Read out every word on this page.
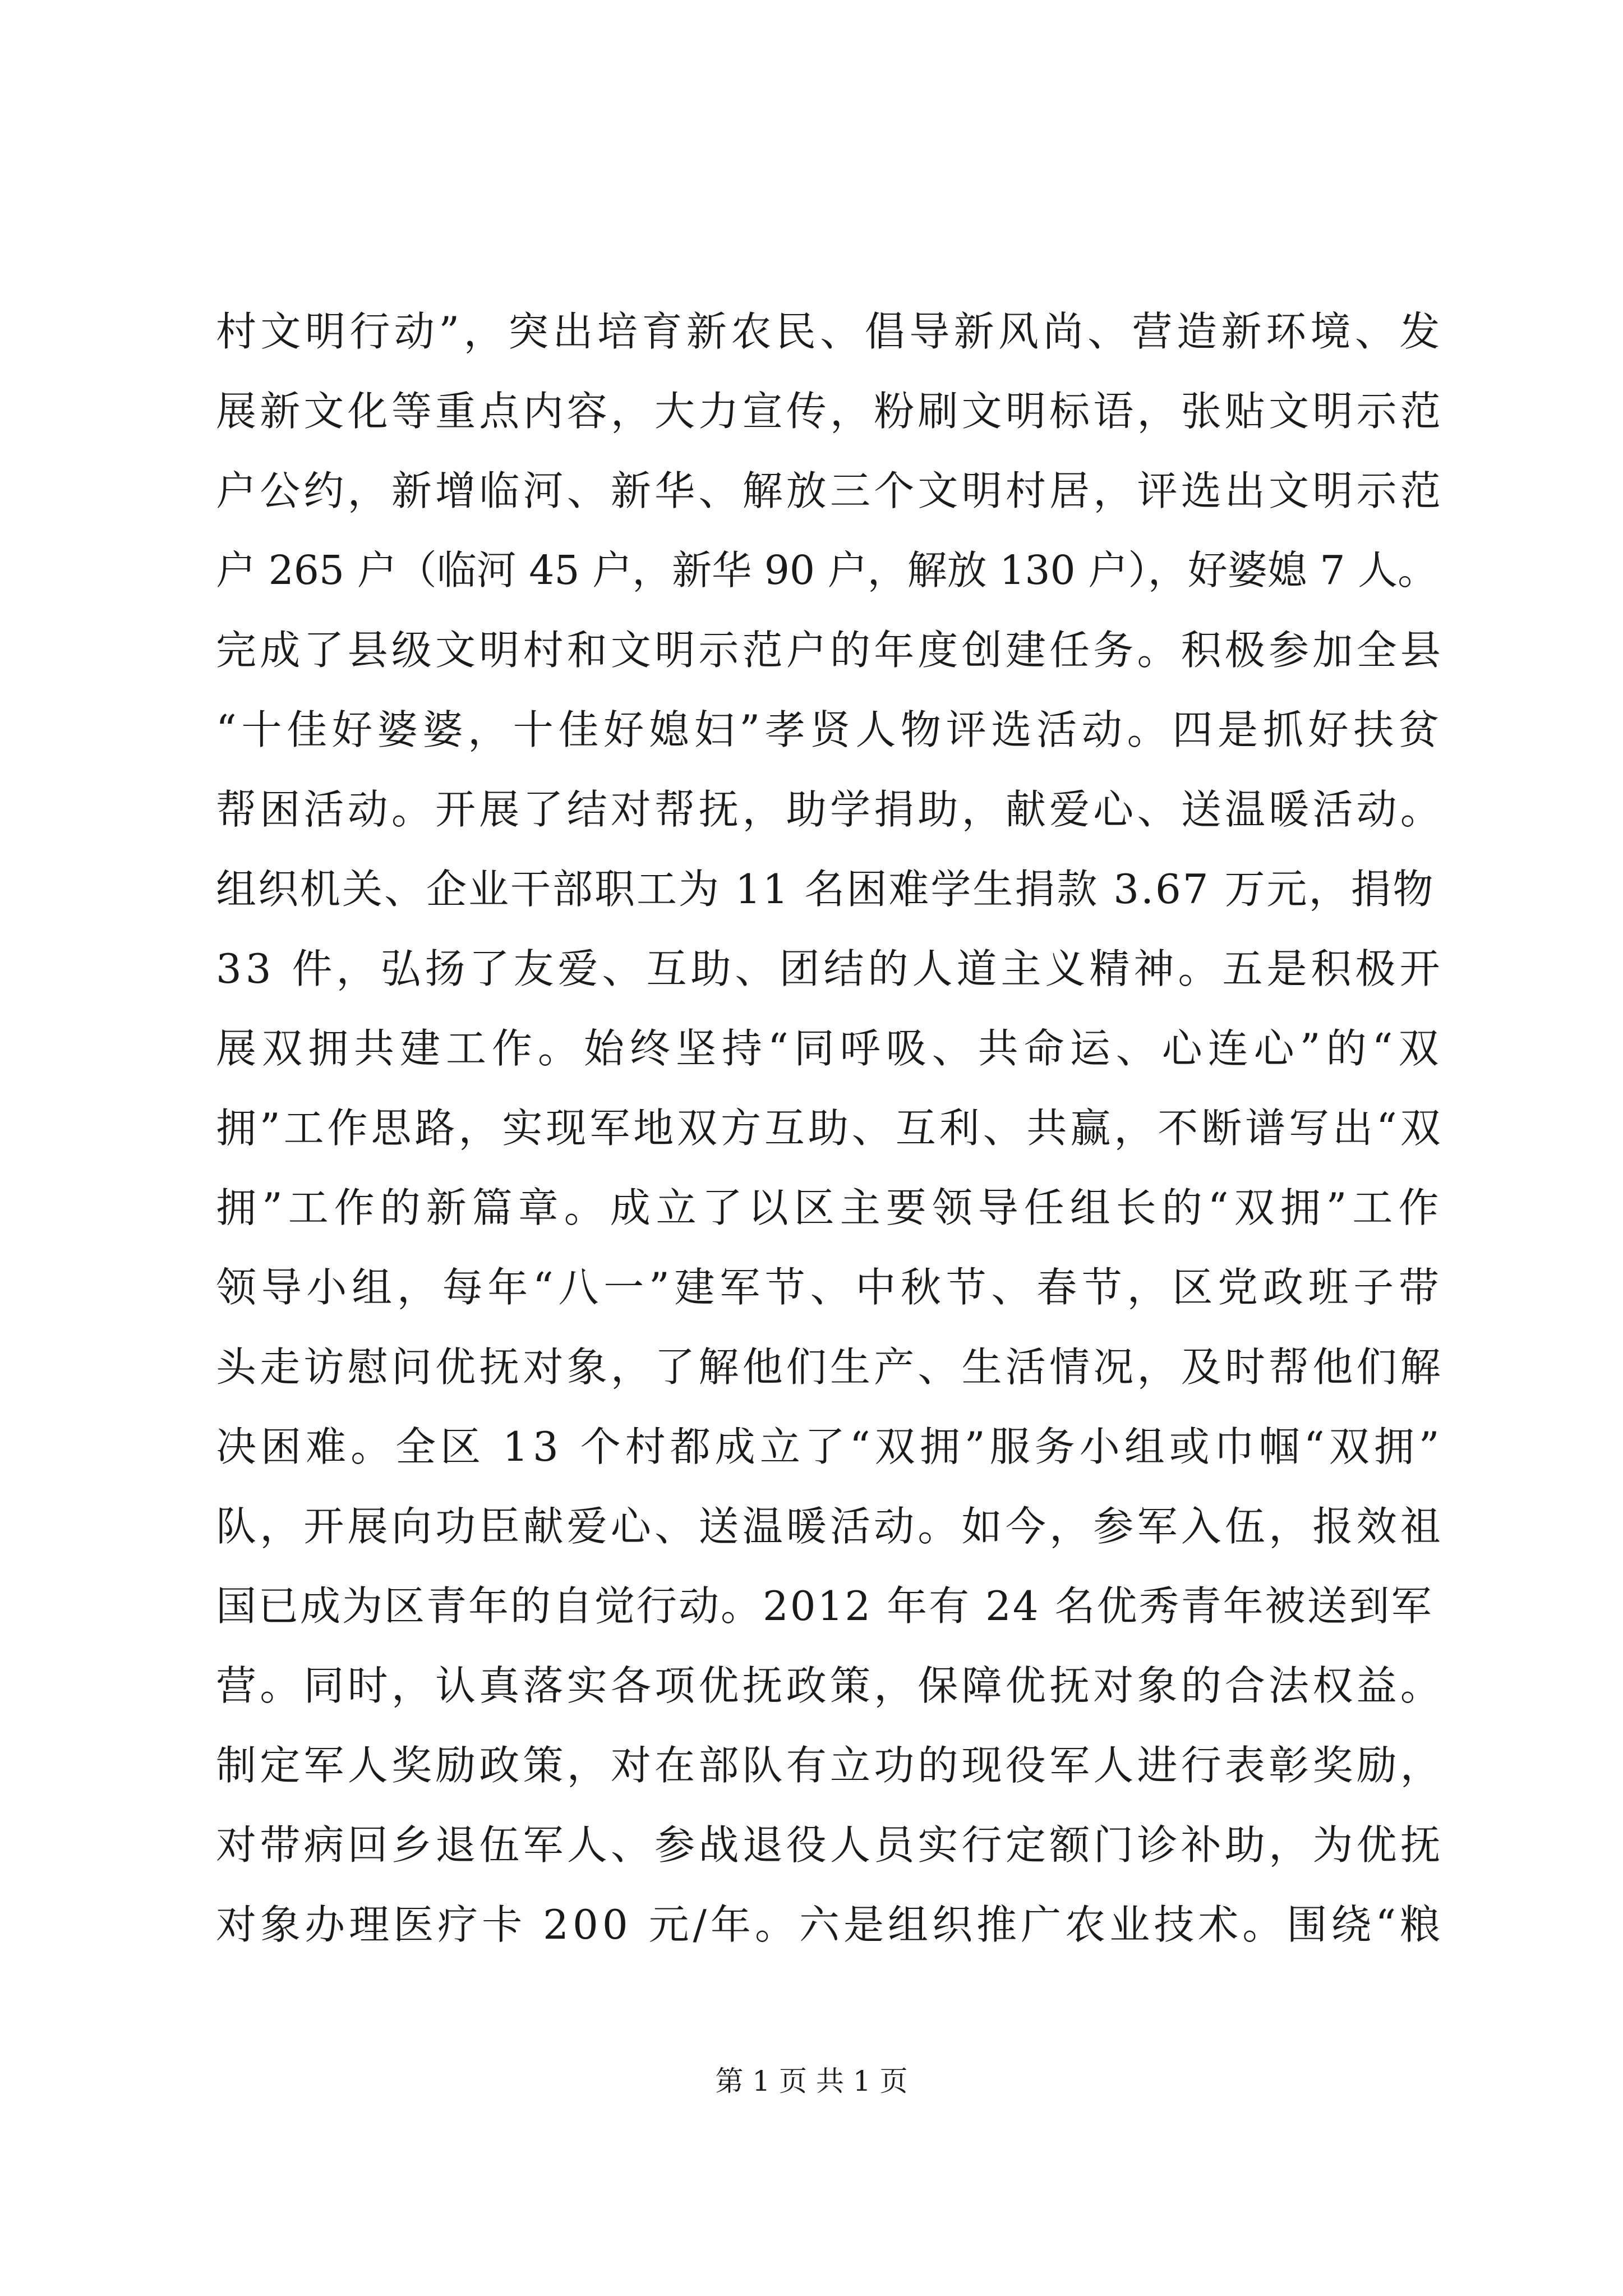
村文明行动”，突出培育新农民、倡导新风尚、营造新环境、发
展新文化等重点内容，大力宣传，粉刷文明标语，张贴文明示范
户公约，新增临河、新华、解放三个文明村居，评选出文明示范
户 265 户（临河 45 户，新华 90 户，解放 130 户），好婆媳 7 人。
完成了县级文明村和文明示范户的年度创建任务。积极参加全县
“十佳好婆婆，十佳好媳妇”孝贤人物评选活动。四是抓好扶贫
帮困活动。开展了结对帮抚，助学捐助，献爱心、送温暖活动。
组织机关、企业干部职工为 11 名困难学生捐款 3.67 万元，捐物
33 件，弘扬了友爱、互助、团结的人道主义精神。五是积极开
展双拥共建工作。始终坚持“同呼吸、共命运、心连心”的“双
拥”工作思路，实现军地双方互助、互利、共赢，不断谱写出“双
拥”工作的新篇章。成立了以区主要领导任组长的“双拥”工作
领导小组，每年“八一”建军节、中秋节、春节，区党政班子带
头走访慰问优抚对象，了解他们生产、生活情况，及时帮他们解
决困难。全区 13 个村都成立了“双拥”服务小组或巾帼“双拥”
队，开展向功臣献爱心、送温暖活动。如今，参军入伍，报效祖
国已成为区青年的自觉行动。2012 年有 24 名优秀青年被送到军
营。同时，认真落实各项优抚政策，保障优抚对象的合法权益。
制定军人奖励政策，对在部队有立功的现役军人进行表彰奖励，
对带病回乡退伍军人、参战退役人员实行定额门诊补助，为优抚
对象办理医疗卡 200 元/年。六是组织推广农业技术。围绕“粮
第 1 页 共 1 页
